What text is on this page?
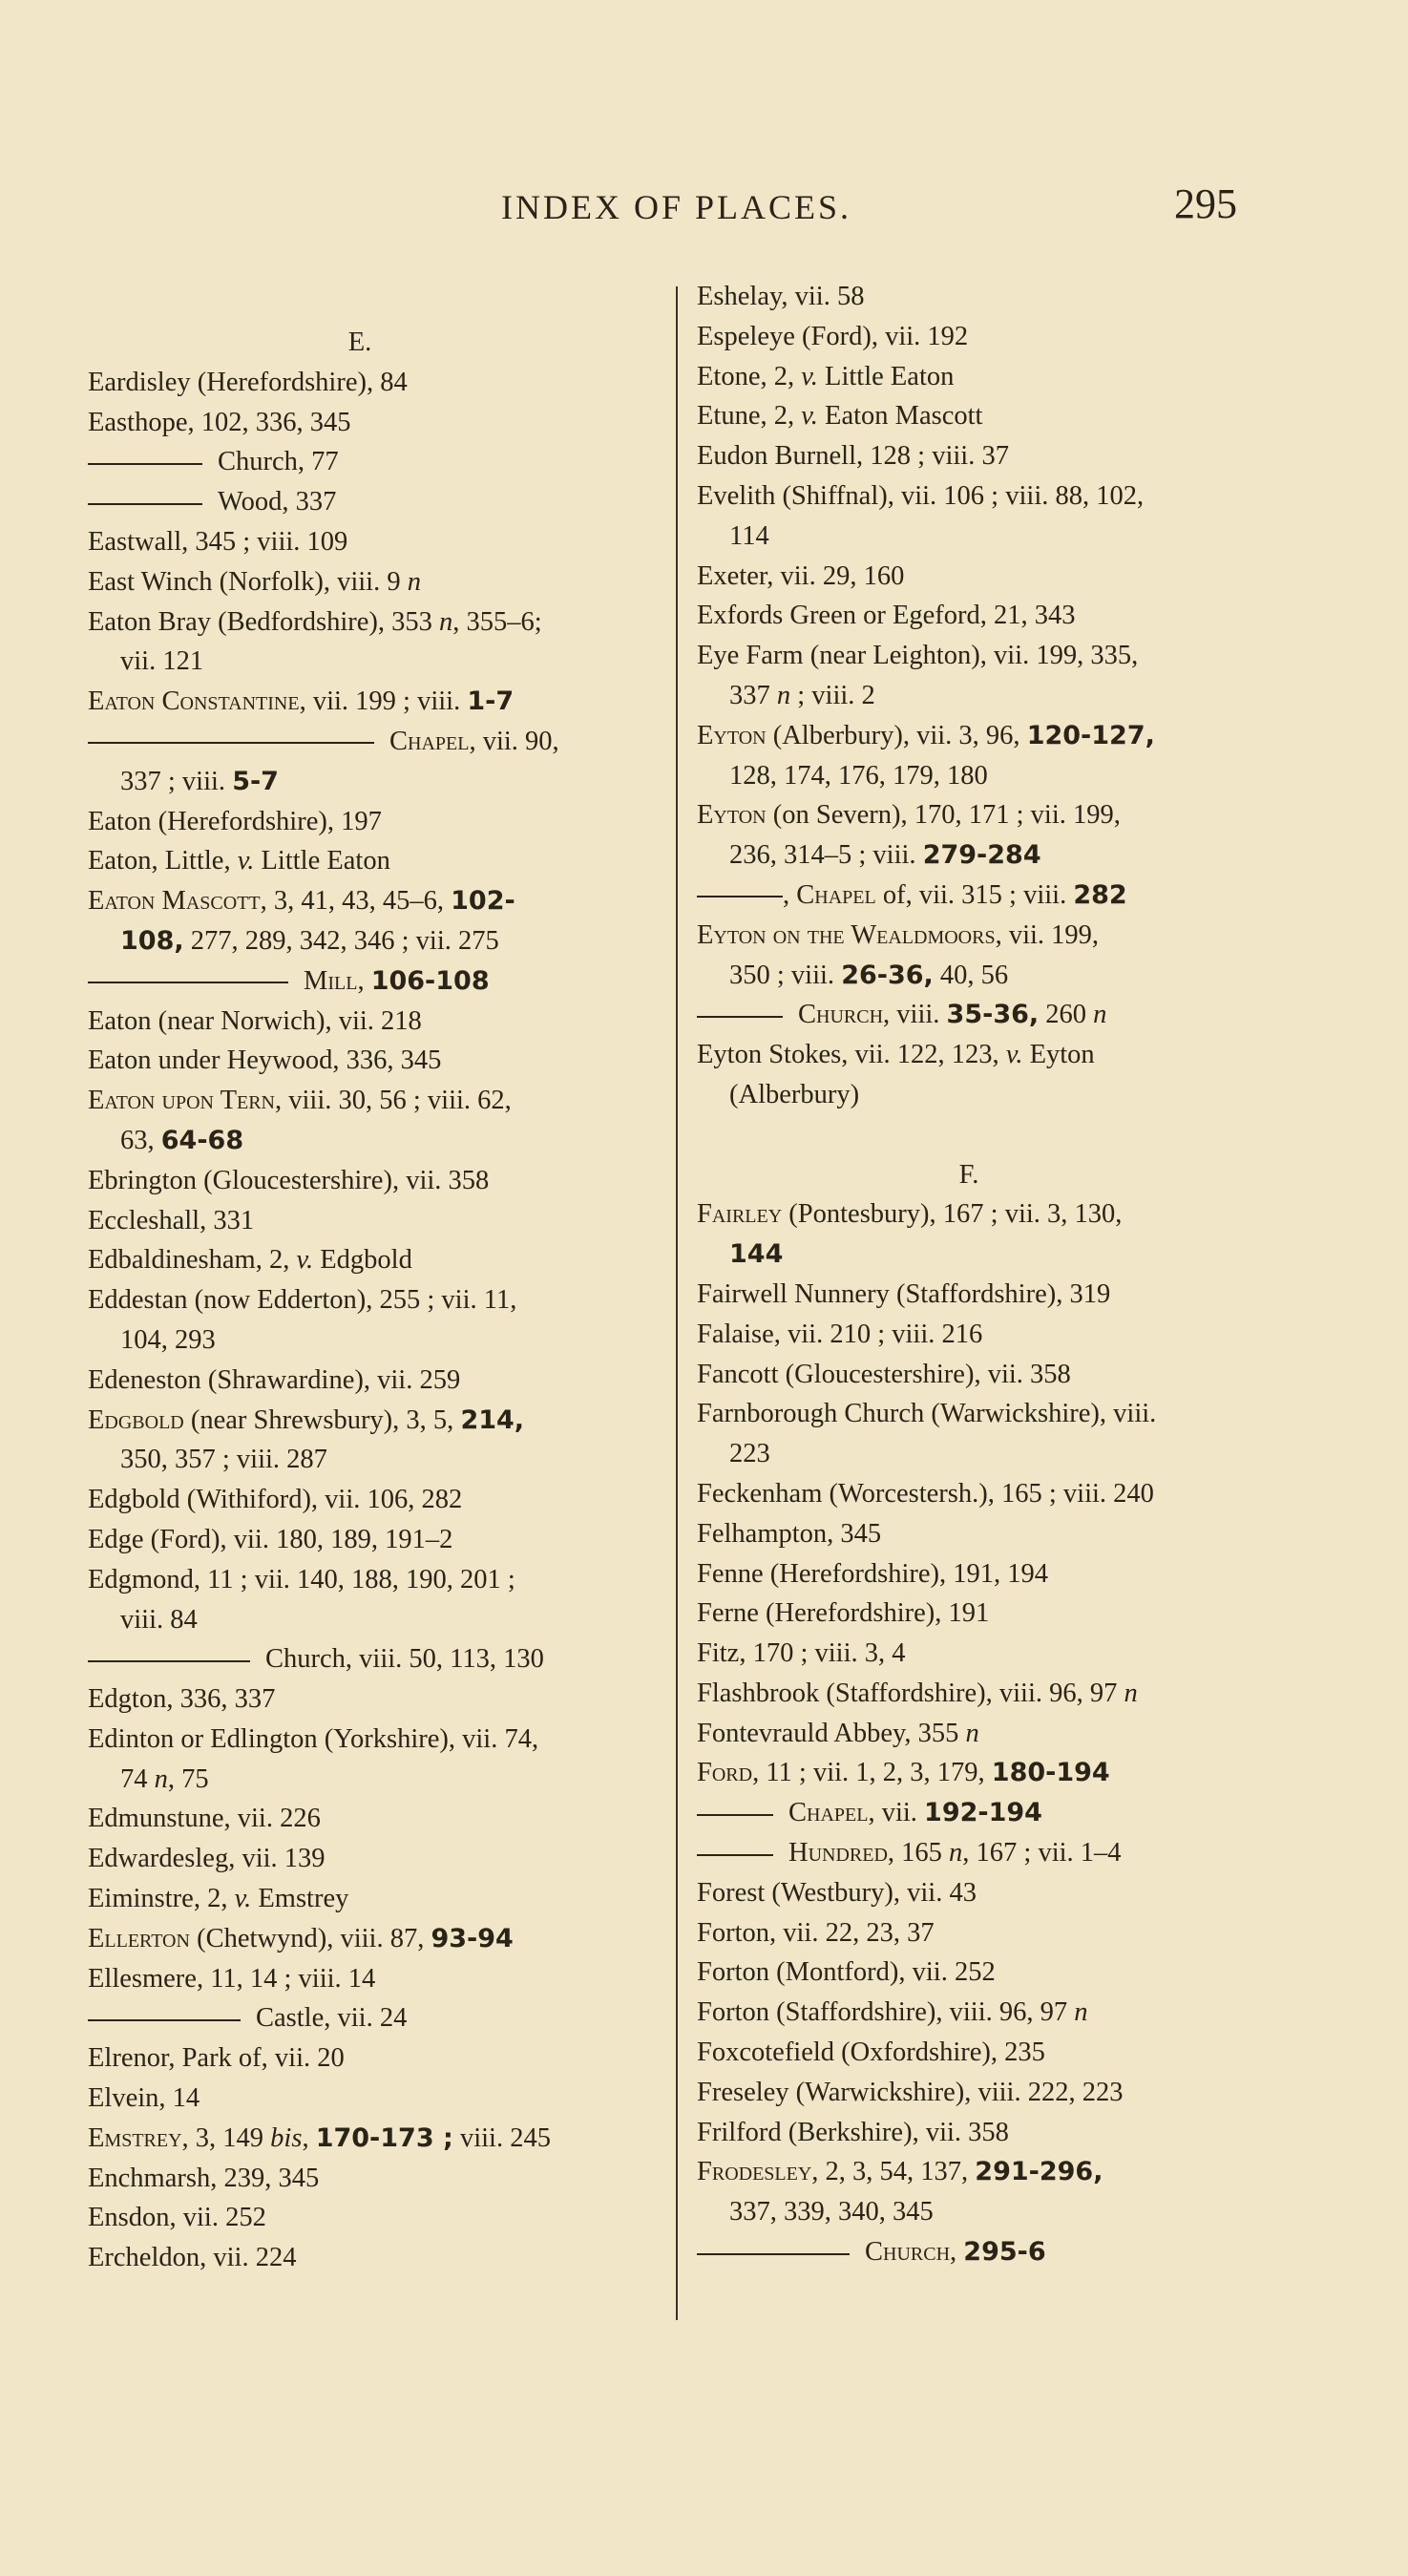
INDEX OF PLACES.	295
E.
Eardisley (Herefordshire), 84
Easthope, 102, 336, 345
Church, 77
Wood, 337
Eastwall, 345 ; viii. 109
East Winch (Norfolk), viii. 9 n
Eaton Bray (Bedfordshire), 353 n, 355–6;
vii. 121
Eaton Constantine, vii. 199 ; viii. 1-7
Chapel, vii. 90,
337 ; viii. 5-7
Eaton (Herefordshire), 197
Eaton, Little, v. Little Eaton
Eaton Mascott, 3, 41, 43, 45–6, 102-
108, 277, 289, 342, 346 ; vii. 275
Mill, 106-108
Eaton (near Norwich), vii. 218
Eaton under Heywood, 336, 345
Eaton upon Tern, viii. 30, 56 ; viii. 62,
63, 64-68
Ebrington (Gloucestershire), vii. 358
Eccleshall, 331
Edbaldinesham, 2, v. Edgbold
Eddestan (now Edderton), 255 ; vii. 11,
104, 293
Edeneston (Shrawardine), vii. 259
Edgbold (near Shrewsbury), 3, 5, 214,
350, 357 ; viii. 287
Edgbold (Withiford), vii. 106, 282
Edge (Ford), vii. 180, 189, 191–2
Edgmond, 11 ; vii. 140, 188, 190, 201 ;
viii. 84
Church, viii. 50, 113, 130
Edgton, 336, 337
Edinton or Edlington (Yorkshire), vii. 74,
74 n, 75
Edmunstune, vii. 226
Edwardesleg, vii. 139
Eiminstre, 2, v. Emstrey
Ellerton (Chetwynd), viii. 87, 93-94
Ellesmere, 11, 14 ; viii. 14
Castle, vii. 24
Elrenor, Park of, vii. 20
Elvein, 14
Emstrey, 3, 149 bis, 170-173 ; viii. 245
Enchmarsh, 239, 345
Ensdon, vii. 252
Ercheldon, vii. 224
Eshelay, vii. 58
Espeleye (Ford), vii. 192
Etone, 2, v. Little Eaton
Etune, 2, v. Eaton Mascott
Eudon Burnell, 128 ; viii. 37
Evelith (Shiffnal), vii. 106 ; viii. 88, 102,
114
Exeter, vii. 29, 160
Exfords Green or Egeford, 21, 343
Eye Farm (near Leighton), vii. 199, 335,
337 n ; viii. 2
Eyton (Alberbury), vii. 3, 96, 120-127,
128, 174, 176, 179, 180
Eyton (on Severn), 170, 171 ; vii. 199,
236, 314–5 ; viii. 279-284
, Chapel of, vii. 315 ; viii. 282
Eyton on the Wealdmoors, vii. 199,
350 ; viii. 26-36, 40, 56
Church, viii. 35-36, 260 n
Eyton Stokes, vii. 122, 123, v. Eyton
(Alberbury)
F.
Fairley (Pontesbury), 167 ; vii. 3, 130,
144
Fairwell Nunnery (Staffordshire), 319
Falaise, vii. 210 ; viii. 216
Fancott (Gloucestershire), vii. 358
Farnborough Church (Warwickshire), viii.
223
Feckenham (Worcestersh.), 165 ; viii. 240
Felhampton, 345
Fenne (Herefordshire), 191, 194
Ferne (Herefordshire), 191
Fitz, 170 ; viii. 3, 4
Flashbrook (Staffordshire), viii. 96, 97 n
Fontevrauld Abbey, 355 n
Ford, 11 ; vii. 1, 2, 3, 179, 180-194
Chapel, vii. 192-194
Hundred, 165 n, 167 ; vii. 1–4
Forest (Westbury), vii. 43
Forton, vii. 22, 23, 37
Forton (Montford), vii. 252
Forton (Staffordshire), viii. 96, 97 n
Foxcotefield (Oxfordshire), 235
Freseley (Warwickshire), viii. 222, 223
Frilford (Berkshire), vii. 358
Frodesley, 2, 3, 54, 137, 291-296,
337, 339, 340, 345
Church, 295-6
